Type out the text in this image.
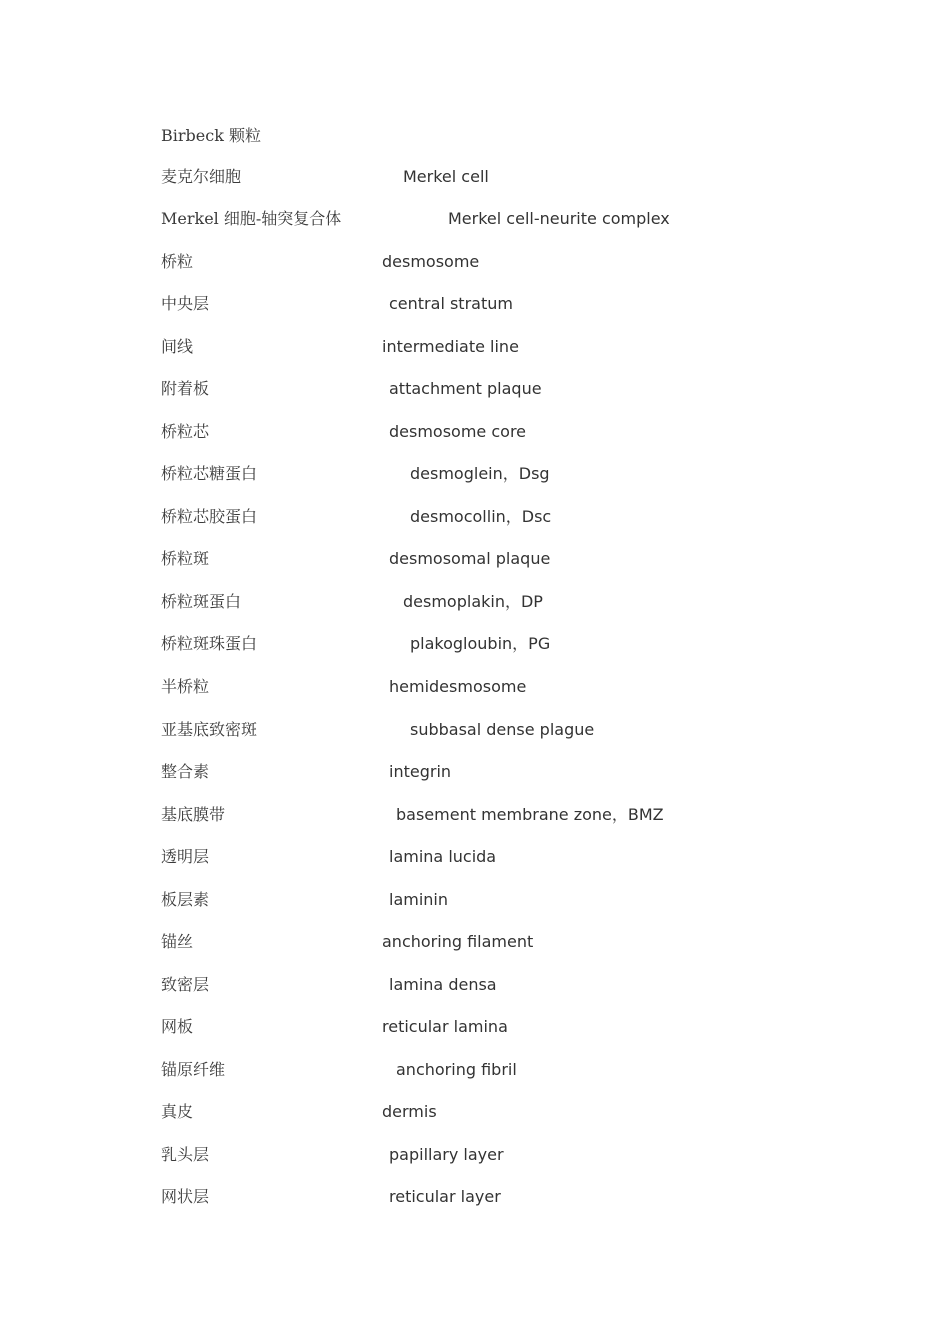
Birbeck 颗粒
麦克尔细胞	Merkel cell
Merkel 细胞-轴突复合体	Merkel cell-neurite complex
桥粒	desmosome
中央层	central stratum
间线	intermediate line
附着板	attachment plaque
桥粒芯	desmosome core
桥粒芯糖蛋白	desmoglein，Dsg
桥粒芯胶蛋白	desmocollin，Dsc
桥粒斑	desmosomal plaque
桥粒斑蛋白	desmoplakin，DP
桥粒斑珠蛋白	plakogloubin，PG
半桥粒	hemidesmosome
亚基底致密斑	subbasal dense plague
整合素	integrin
基底膜带	basement membrane zone，BMZ
透明层	lamina lucida
板层素	laminin
锚丝	anchoring filament
致密层	lamina densa
网板	reticular lamina
锚原纤维	anchoring fibril
真皮	dermis
乳头层	papillary layer
网状层	reticular layer
